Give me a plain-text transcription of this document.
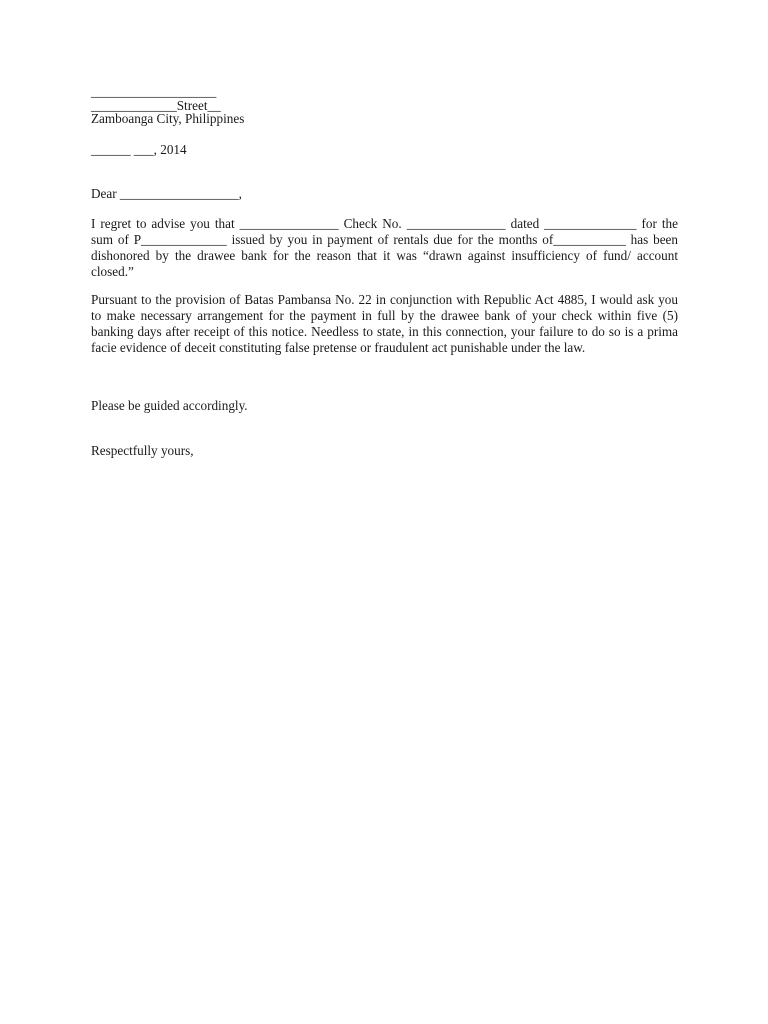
___________________
_____________Street__
Zamboanga City, Philippines
______ ___, 2014
Dear __________________,
I regret to advise you that _______________ Check No. _______________ dated ______________ for the sum of P_____________ issued by you in payment of rentals due for the months of___________ has been dishonored by the drawee bank for the reason that it was “drawn against insufficiency of fund/ account closed.”
Pursuant to the provision of Batas Pambansa No. 22 in conjunction with Republic Act 4885, I would ask you to make necessary arrangement for the payment in full by the drawee bank of your check within five (5) banking days after receipt of this notice. Needless to state, in this connection, your failure to do so is a prima facie evidence of deceit constituting false pretense or fraudulent act punishable under the law.
Please be guided accordingly.
Respectfully yours,
